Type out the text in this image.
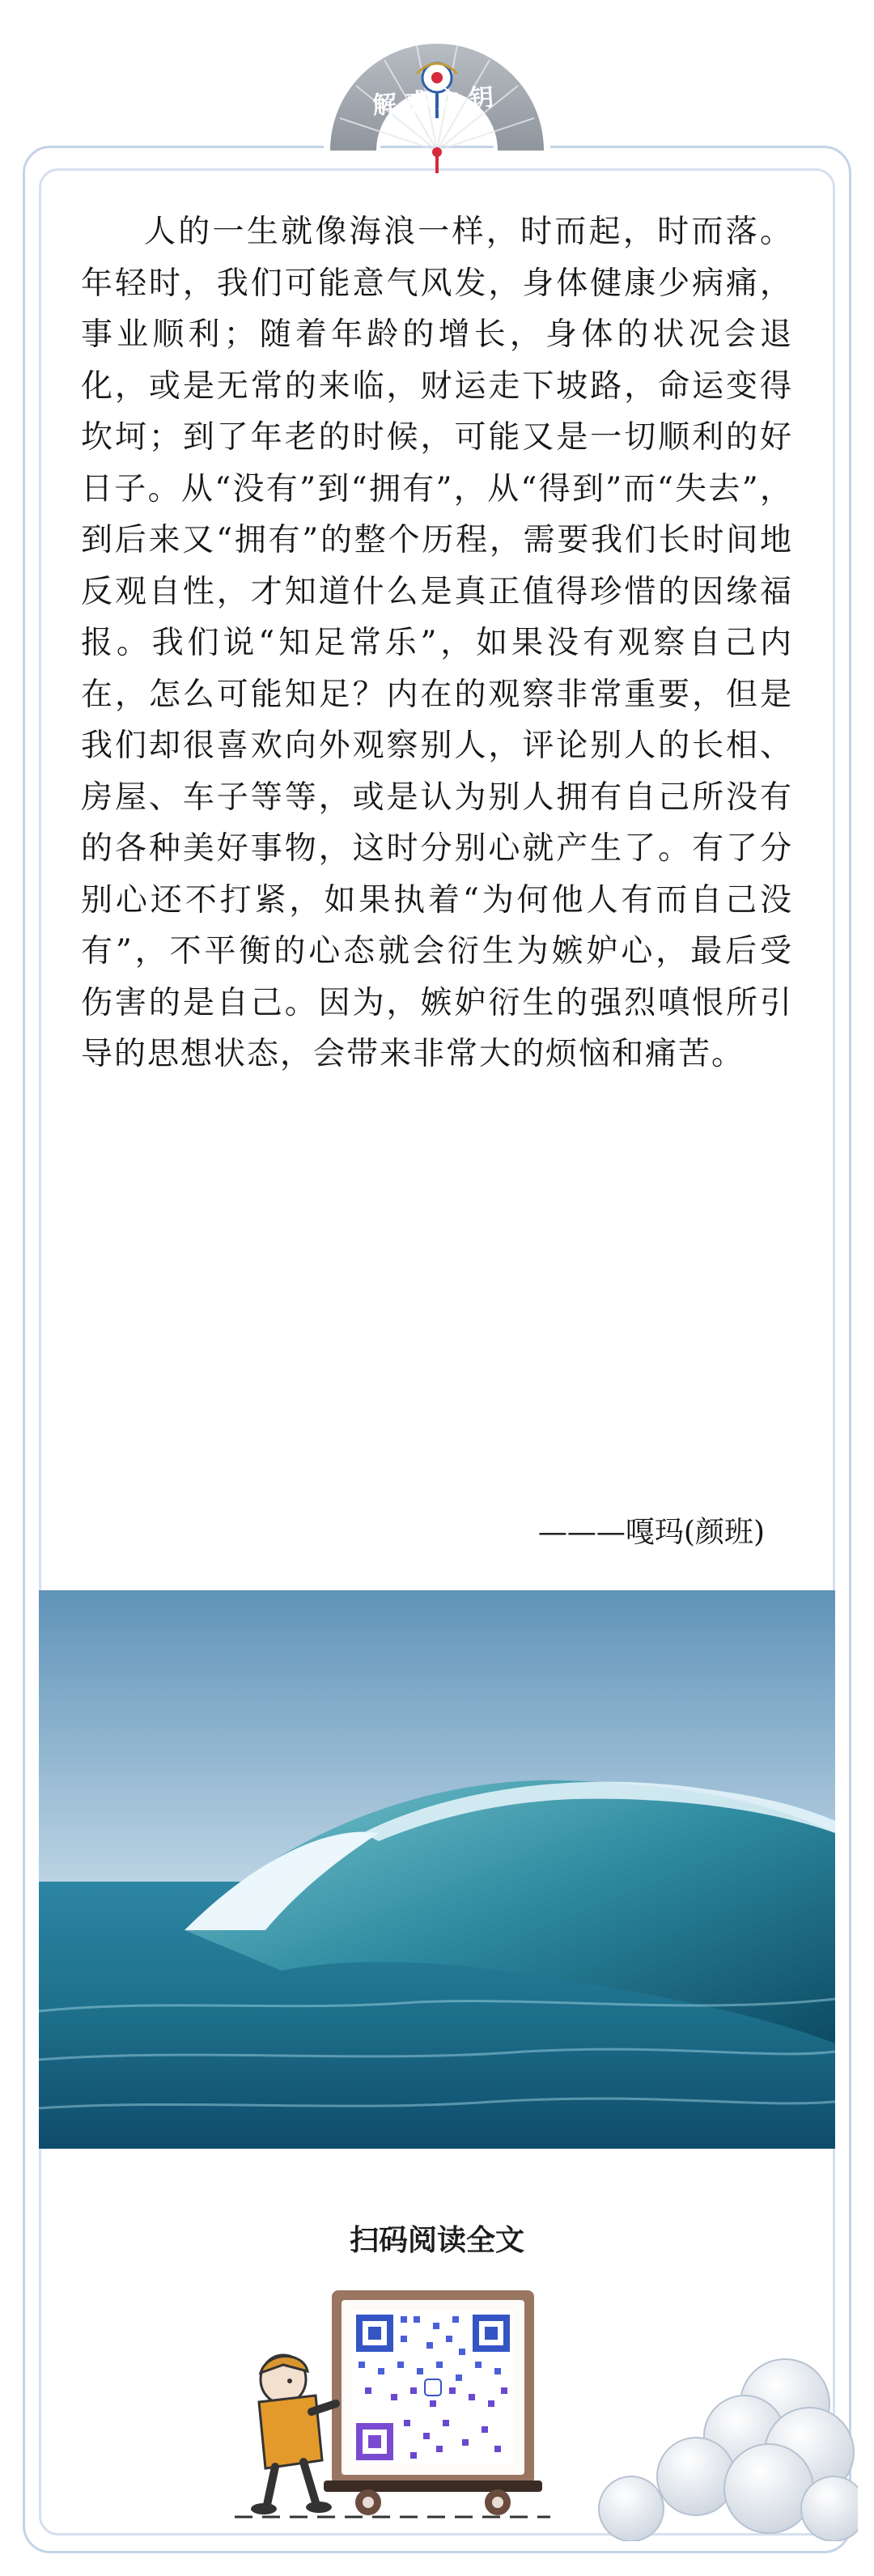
解惑之钥

人的一生就像海浪一样，时而起，时而落。年轻时，我们可能意气风发，身体健康少病痛，事业顺利；随着年龄的增长，身体的状况会退化，或是无常的来临，财运走下坡路，命运变得坎坷；到了年老的时候，可能又是一切顺利的好日子。从“没有”到“拥有”，从“得到”而“失去”，到后来又“拥有”的整个历程，需要我们长时间地反观自性，才知道什么是真正值得珍惜的因缘福报。我们说“知足常乐”，如果没有观察自己内在，怎么可能知足？内在的观察非常重要，但是我们却很喜欢向外观察别人，评论别人的长相、房屋、车子等等，或是认为别人拥有自己所没有的各种美好事物，这时分别心就产生了。有了分别心还不打紧，如果执着“为何他人有而自己没有”，不平衡的心态就会衍生为嫉妒心，最后受伤害的是自己。因为，嫉妒衍生的强烈嗔恨所引导的思想状态，会带来非常大的烦恼和痛苦。

———嘎玛(颜班)
扫码阅读全文
